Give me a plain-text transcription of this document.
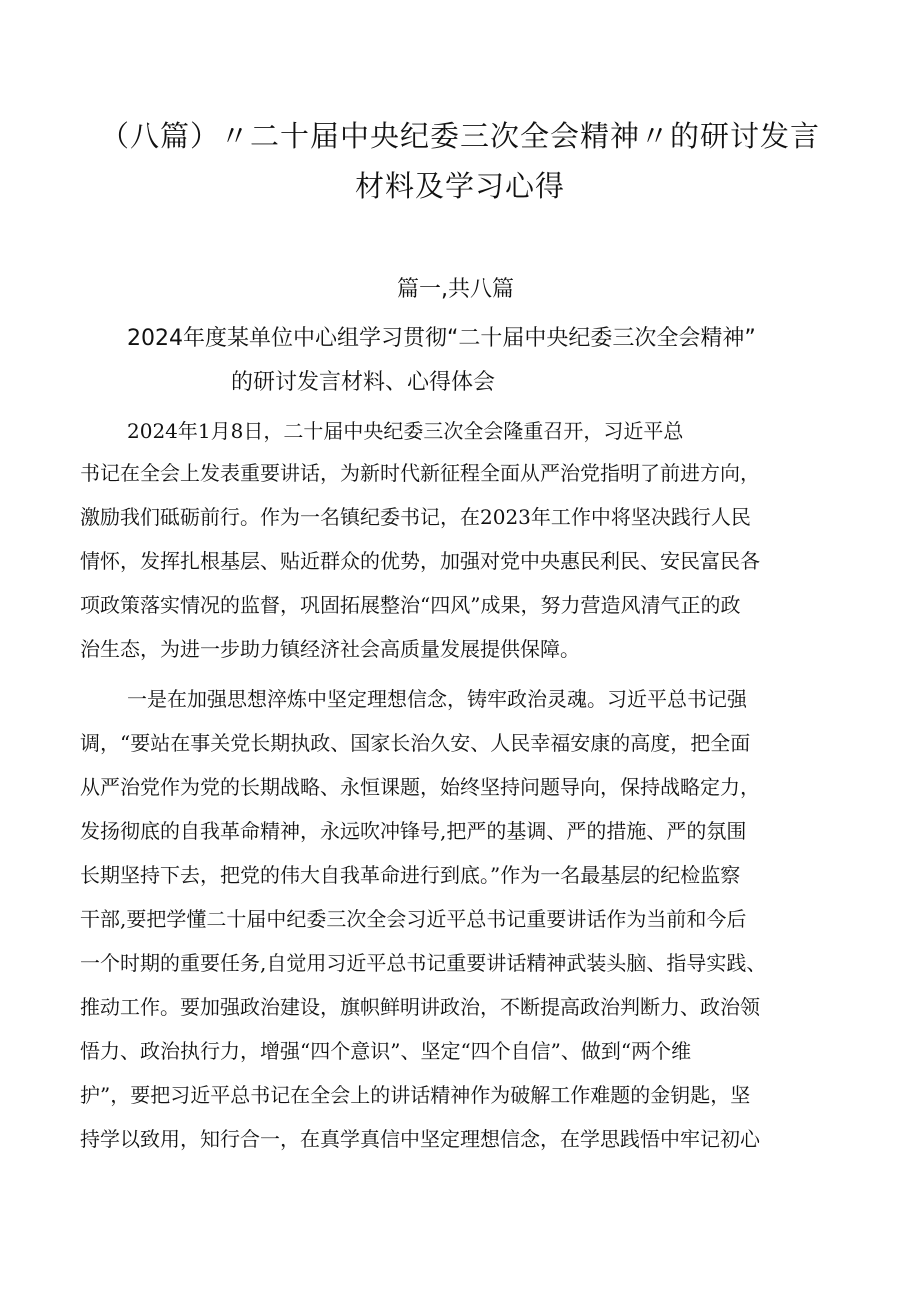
（八篇）〃二十届中央纪委三次全会精神〃的研讨发言
材料及学习心得
篇一,共八篇
2024年度某单位中心组学习贯彻“二十届中央纪委三次全会精神”
的研讨发言材料、心得体会
2024年1月8日，二十届中央纪委三次全会隆重召开，习近平总
书记在全会上发表重要讲话，为新时代新征程全面从严治党指明了前进方向，
激励我们砥砺前行。作为一名镇纪委书记，在2023年工作中将坚决践行人民
情怀，发挥扎根基层、贴近群众的优势，加强对党中央惠民利民、安民富民各
项政策落实情况的监督，巩固拓展整治“四风”成果，努力营造风清气正的政
治生态，为进一步助力镇经济社会高质量发展提供保障。
一是在加强思想淬炼中坚定理想信念，铸牢政治灵魂。习近平总书记强
调，“要站在事关党长期执政、国家长治久安、人民幸福安康的高度，把全面
从严治党作为党的长期战略、永恒课题，始终坚持问题导向，保持战略定力，
发扬彻底的自我革命精神，永远吹冲锋号,把严的基调、严的措施、严的氛围
长期坚持下去，把党的伟大自我革命进行到底。”作为一名最基层的纪检监察
干部,要把学懂二十届中纪委三次全会习近平总书记重要讲话作为当前和今后
一个时期的重要任务,自觉用习近平总书记重要讲话精神武装头脑、指导实践、
推动工作。要加强政治建设，旗帜鲜明讲政治，不断提高政治判断力、政治领
悟力、政治执行力，增强“四个意识”、坚定“四个自信”、做到“两个维
护”，要把习近平总书记在全会上的讲话精神作为破解工作难题的金钥匙，坚
持学以致用，知行合一，在真学真信中坚定理想信念，在学思践悟中牢记初心
